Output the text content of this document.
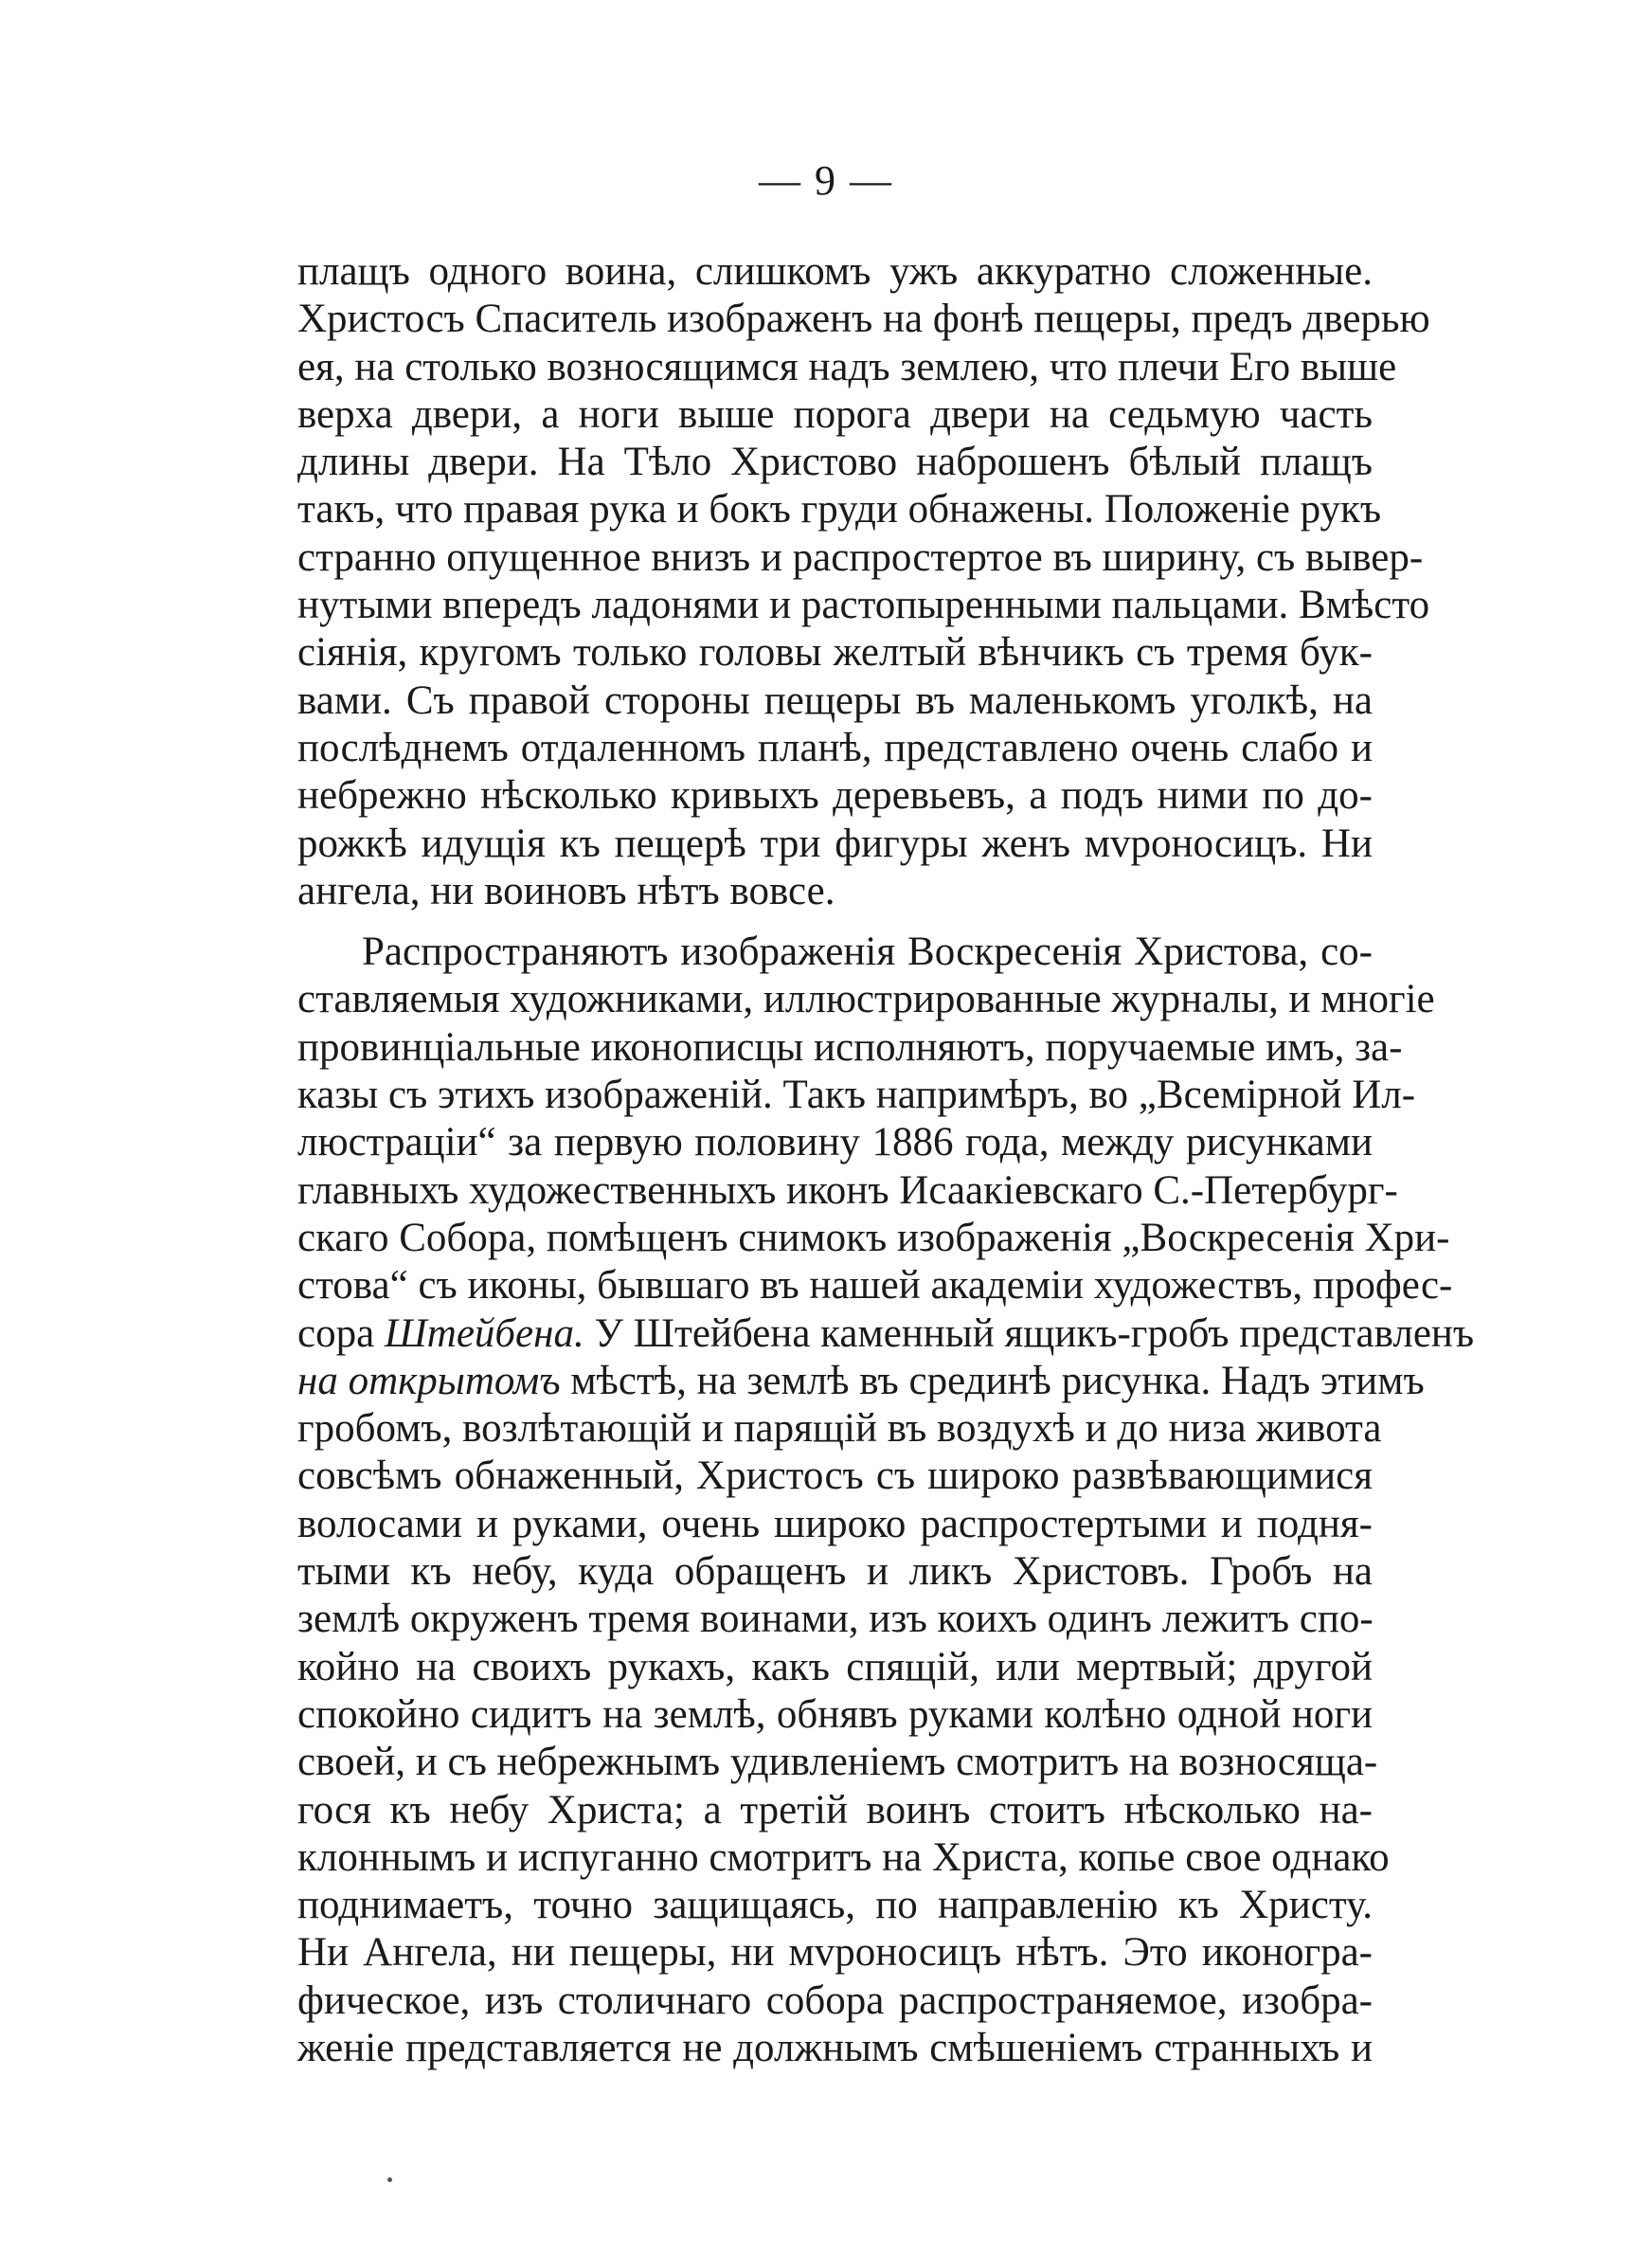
— 9 —
плащъ одного воина, слишкомъ ужъ аккуратно сложенные.
Христосъ Спаситель изображенъ на фонѣ пещеры, предъ дверью
ея, на столько возносящимся надъ землею, что плечи Его выше
верха двери, а ноги выше порога двери на седьмую часть
длины двери. На Тѣло Христово наброшенъ бѣлый плащъ
такъ, что правая рука и бокъ груди обнажены. Положеніе рукъ
странно опущенное внизъ и распростертое въ ширину, съ вывер-
нутыми впередъ ладонями и растопыренными пальцами. Вмѣсто
сіянія, кругомъ только головы желтый вѣнчикъ съ тремя бук-
вами. Съ правой стороны пещеры въ маленькомъ уголкѣ, на
послѣднемъ отдаленномъ планѣ, представлено очень слабо и
небрежно нѣсколько кривыхъ деревьевъ, а подъ ними по до-
рожкѣ идущія къ пещерѣ три фигуры женъ мvроносицъ. Ни
ангела, ни воиновъ нѣтъ вовсе.
Распространяютъ изображенія Воскресенія Христова, со-
ставляемыя художниками, иллюстрированные журналы, и многіе
провинціальные иконописцы исполняютъ, поручаемые имъ, за-
казы съ этихъ изображеній. Такъ напримѣръ, во „Всемірной Ил-
люстраціи“ за первую половину 1886 года, между рисунками
главныхъ художественныхъ иконъ Исаакіевскаго С.-Петербург-
скаго Собора, помѣщенъ снимокъ изображенія „Воскресенія Хри-
стова“ съ иконы, бывшаго въ нашей академіи художествъ, профес-
сора Штейбена. У Штейбена каменный ящикъ-гробъ представленъ
на открытомъ мѣстѣ, на землѣ въ срединѣ рисунка. Надъ этимъ
гробомъ, возлѣтающій и парящій въ воздухѣ и до низа живота
совсѣмъ обнаженный, Христосъ съ широко развѣвающимися
волосами и руками, очень широко распростертыми и подня-
тыми къ небу, куда обращенъ и ликъ Христовъ. Гробъ на
землѣ окруженъ тремя воинами, изъ коихъ одинъ лежитъ спо-
койно на своихъ рукахъ, какъ спящій, или мертвый; другой
спокойно сидитъ на землѣ, обнявъ руками колѣно одной ноги
своей, и съ небрежнымъ удивленіемъ смотритъ на возносяща-
гося къ небу Христа; а третій воинъ стоитъ нѣсколько на-
клоннымъ и испуганно смотритъ на Христа, копье свое однако
поднимаетъ, точно защищаясь, по направленію къ Христу.
Ни Ангела, ни пещеры, ни мvроносицъ нѣтъ. Это иконогра-
фическое, изъ столичнаго собора распространяемое, изобра-
женіе представляется не должнымъ смѣшеніемъ странныхъ и
